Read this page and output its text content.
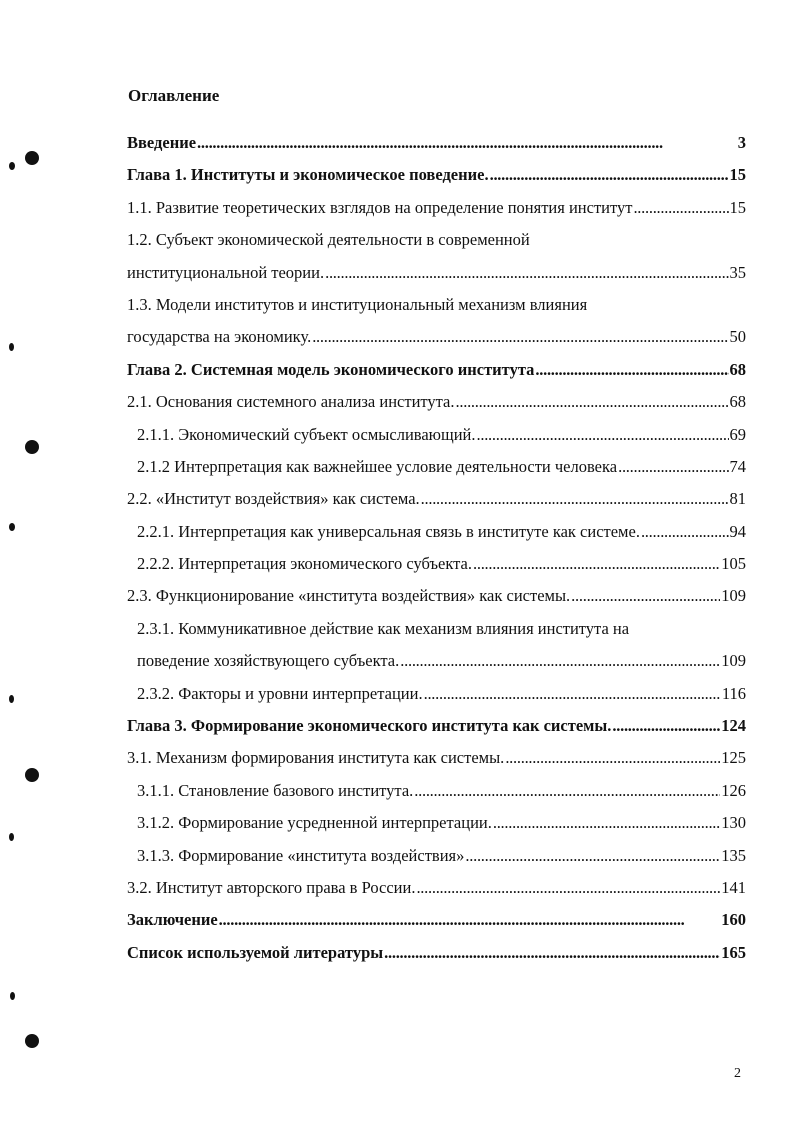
Оглавление
Введение . . .	3
Глава 1. Институты и экономическое поведение. . . .	15
1.1. Развитие теоретических взглядов на определение понятия институт . . .	15
1.2. Субъект экономической деятельности в современной
институциональной теории. . . .	35
1.3. Модели институтов и институциональный механизм влияния
государства на экономику. . . .	50
Глава 2. Системная модель экономического института . . .	68
2.1. Основания системного анализа института. . . .	68
2.1.1. Экономический субъект осмысливающий. . . .	69
2.1.2 Интерпретация как важнейшее условие деятельности человека . . .	74
2.2. «Институт воздействия» как система. . . .	81
2.2.1. Интерпретация как универсальная связь в институте как системе. . . .	94
2.2.2. Интерпретация экономического субъекта. . . .	105
2.3. Функционирование «института воздействия» как системы. . . .	109
2.3.1. Коммуникативное действие как механизм влияния института на
поведение хозяйствующего субъекта. . . .	109
2.3.2. Факторы и уровни интерпретации. . . .	116
Глава 3. Формирование экономического института как системы. . . .	124
3.1. Механизм формирования института как системы. . . .	125
3.1.1. Становление базового института. . . .	126
3.1.2. Формирование усредненной интерпретации. . . .	130
3.1.3. Формирование «института воздействия» . . .	135
3.2. Институт авторского права в России. . . .	141
Заключение . . .	160
Список используемой литературы . . .	165
2
